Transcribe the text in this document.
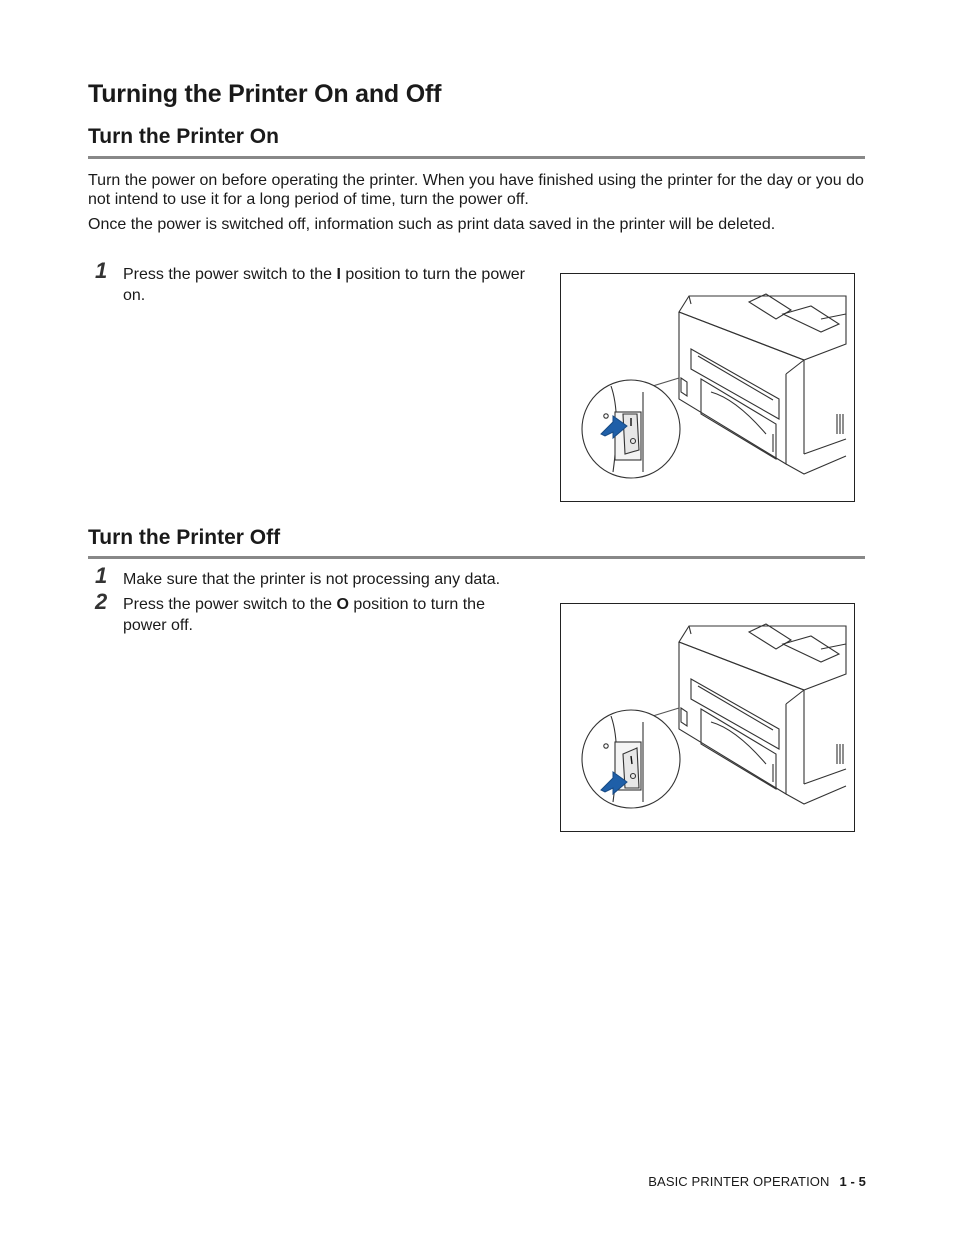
Turning the Printer On and Off
Turn the Printer On

Turn the power on before operating the printer. When you have finished using the printer for the day or you do not intend to use it for a long period of time, turn the power off.

Once the power is switched off, information such as print data saved in the printer will be deleted.

1 Press the power switch to the I position to turn the power on.

Turn the Printer Off
1 Make sure that the printer is not processing any data.

2 Press the power switch to the O position to turn the power off.

BASIC PRINTER OPERATION 1 - 5
